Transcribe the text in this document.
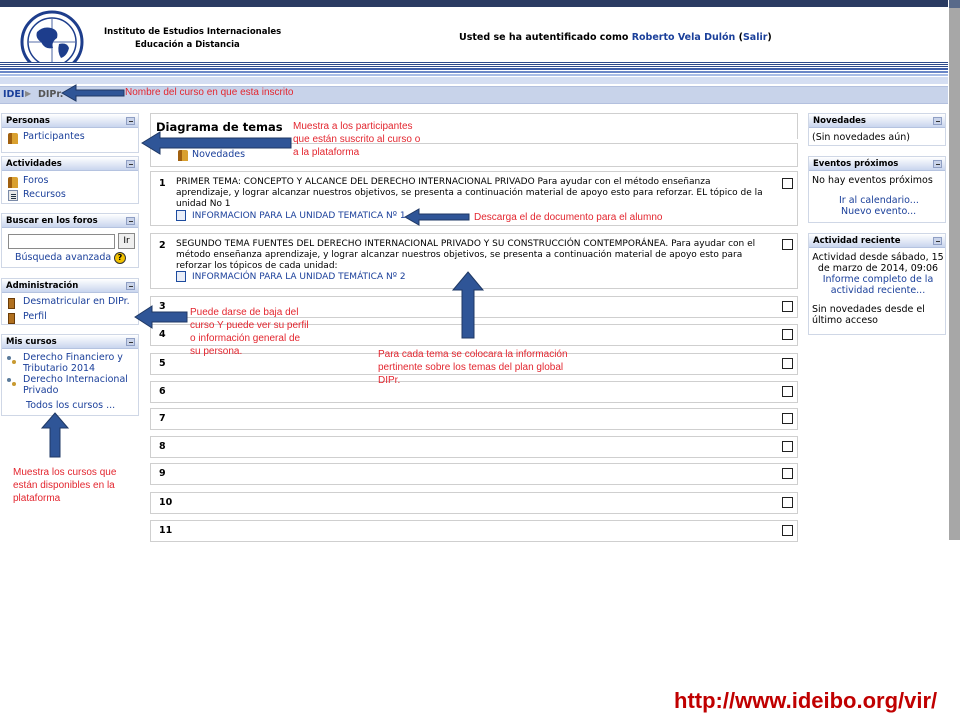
Instituto de Estudios Internacionales
Educación a Distancia
Usted se ha autentificado como Roberto Vela Dulón (Salir)
IDEI ▶ DIPr.
Personas
Participantes
Actividades
Foros
Recursos
Buscar en los foros
Ir
Búsqueda avanzada ?
Administración
Desmatricular en DIPr.
Perfil
Mis cursos
Derecho Financiero y
Tributario 2014
Derecho Internacional
Privado
Todos los cursos ...
Diagrama de temas
Novedades
1 PRIMER TEMA: CONCEPTO Y ALCANCE DEL DERECHO INTERNACIONAL PRIVADO Para ayudar con el método enseñanza aprendizaje, y lograr alcanzar nuestros objetivos, se presenta a continuación material de apoyo esto para reforzar. EL tópico de la unidad No 1
INFORMACION PARA LA UNIDAD TEMATICA Nº 1
2 SEGUNDO TEMA FUENTES DEL DERECHO INTERNACIONAL PRIVADO Y SU CONSTRUCCIÓN CONTEMPORÁNEA. Para ayudar con el método enseñanza aprendizaje, y lograr alcanzar nuestros objetivos, se presenta a continuación material de apoyo esto para reforzar los tópicos de cada unidad:
INFORMACIÓN PARA LA UNIDAD TEMÁTICA Nº 2
3
4
5
6
7
8
9
10
11
Novedades
(Sin novedades aún)
Eventos próximos
No hay eventos próximos
Ir al calendario...
Nuevo evento...
Actividad reciente
Actividad desde sábado, 15
de marzo de 2014, 09:06
Informe completo de la
actividad reciente...
Sin novedades desde el
último acceso
Nombre del curso en que esta inscrito
Muestra a los participantes
que están suscrito al curso o
a la plataforma
Descarga el de documento para el alumno
Puede darse de baja del
curso Y puede ver su perfil
o información general de
su persona.	Para cada tema se colocara la información
pertinente sobre los temas del plan global
DIPr.
Muestra los cursos que
están disponibles en la
plataforma
http://www.ideibo.org/vir/
